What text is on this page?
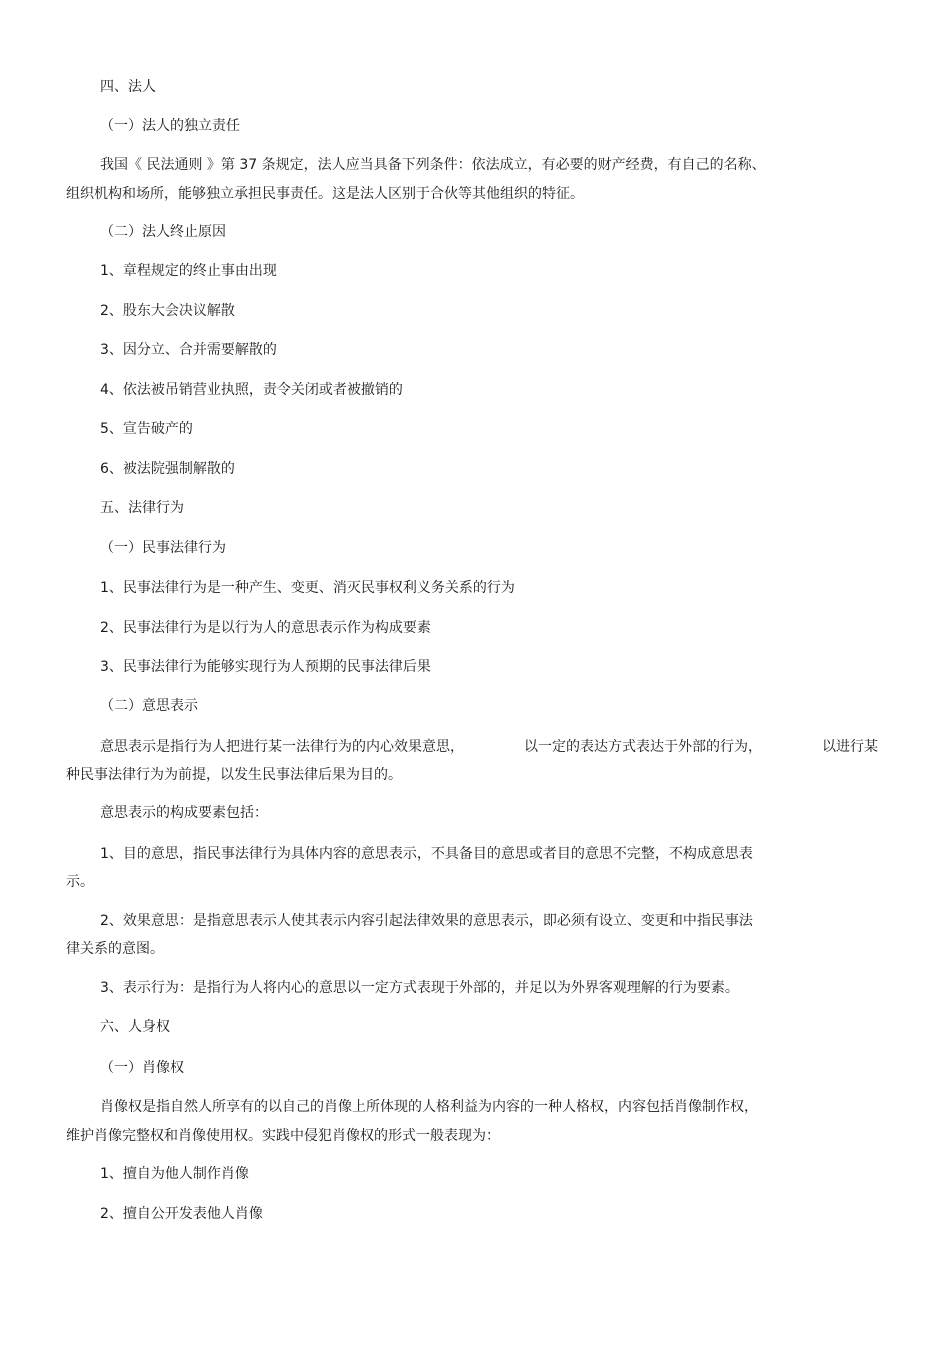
四、法人
（一）法人的独立责任
我国《 民法通则 》第 37 条规定，法人应当具备下列条件：依法成立，有必要的财产经费，有自己的名称、
组织机构和场所，能够独立承担民事责任。这是法人区别于合伙等其他组织的特征。
（二）法人终止原因
1、章程规定的终止事由出现
2、股东大会决议解散
3、因分立、合并需要解散的
4、依法被吊销营业执照，责令关闭或者被撤销的
5、宣告破产的
6、被法院强制解散的
五、法律行为
（一）民事法律行为
1、民事法律行为是一种产生、变更、消灭民事权利义务关系的行为
2、民事法律行为是以行为人的意思表示作为构成要素
3、民事法律行为能够实现行为人预期的民事法律后果
（二）意思表示
意思表示是指行为人把进行某一法律行为的内心效果意思，	以一定的表达方式表达于外部的行为，	以进行某
种民事法律行为为前提，以发生民事法律后果为目的。
意思表示的构成要素包括：
1、目的意思，指民事法律行为具体内容的意思表示，不具备目的意思或者目的意思不完整，不构成意思表
示。
2、效果意思：是指意思表示人使其表示内容引起法律效果的意思表示，即必须有设立、变更和中指民事法
律关系的意图。
3、表示行为：是指行为人将内心的意思以一定方式表现于外部的，并足以为外界客观理解的行为要素。
六、人身权
（一）肖像权
肖像权是指自然人所享有的以自己的肖像上所体现的人格利益为内容的一种人格权，内容包括肖像制作权，
维护肖像完整权和肖像使用权。实践中侵犯肖像权的形式一般表现为：
1、擅自为他人制作肖像
2、擅自公开发表他人肖像
